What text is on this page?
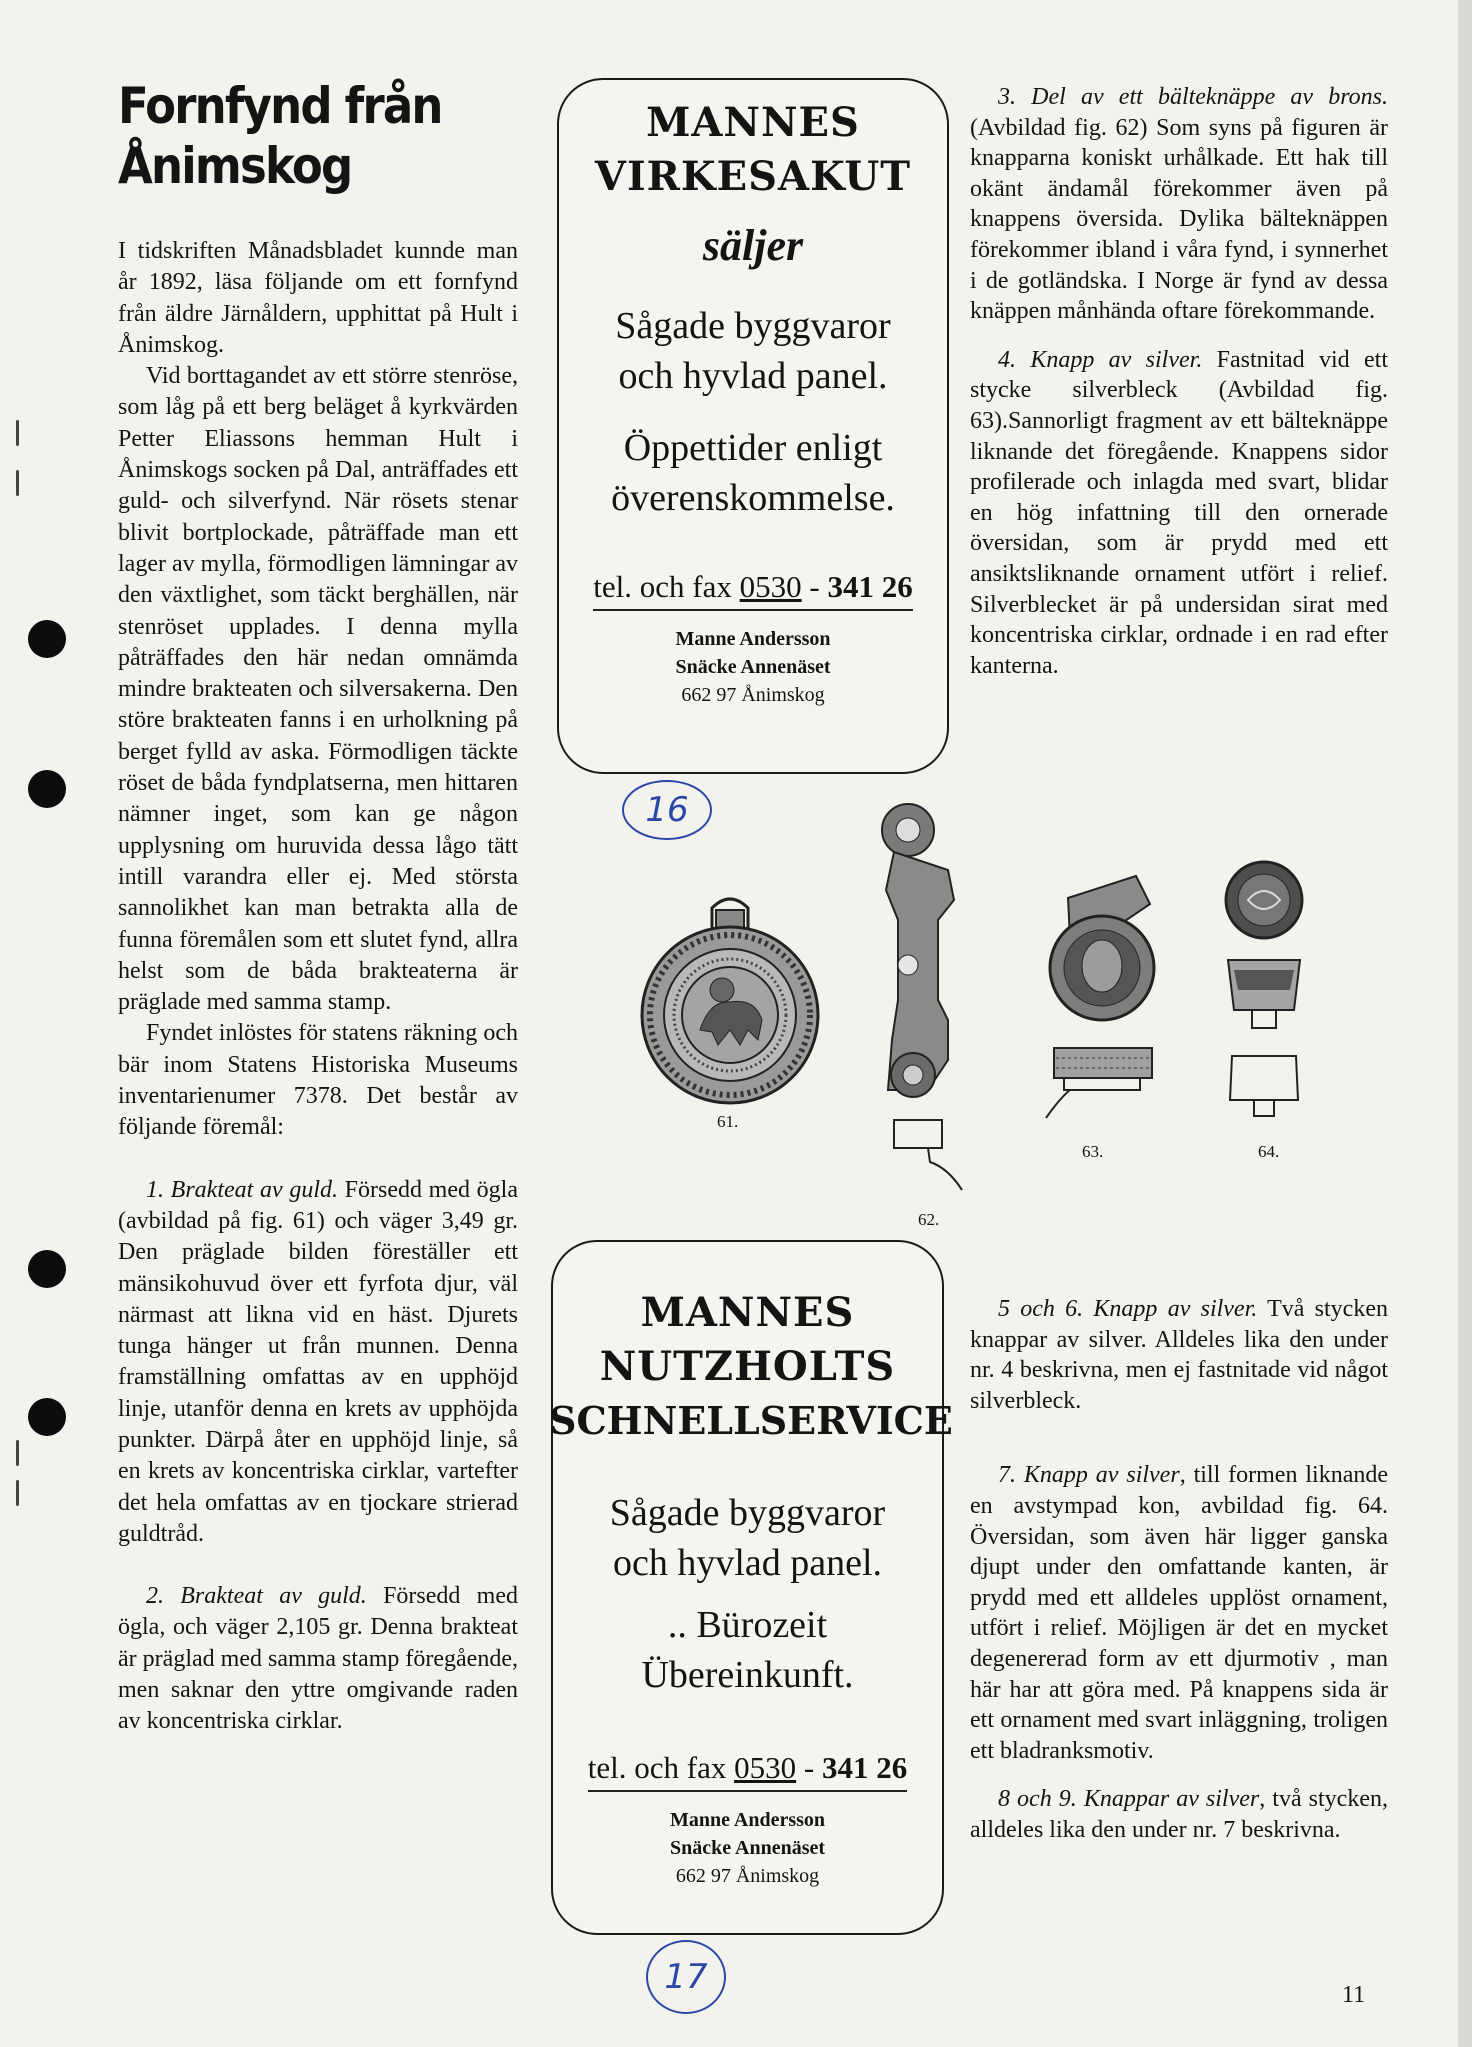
Fornfynd från
Ånimskog

I tidskriften Månadsbladet kunnde man år 1892, läsa följande om ett fornfynd från äldre Järnåldern, upphittat på Hult i Ånimskog.

Vid borttagandet av ett större stenröse, som låg på ett berg beläget å kyrkvärden Petter Eliassons hemman Hult i Ånimskogs socken på Dal, anträffades ett guld- och silverfynd. När rösets stenar blivit bortplockade, påträffade man ett lager av mylla, förmodligen lämningar av den växtlighet, som täckt berghällen, när stenröset upplades. I denna mylla påträffades den här nedan omnämda mindre brakteaten och silversakerna. Den störe brakteaten fanns i en urholkning på berget fylld av aska. Förmodligen täckte röset de båda fyndplatserna, men hittaren nämner inget, som kan ge någon upplysning om huruvida dessa lågo tätt intill varandra eller ej. Med största sannolikhet kan man betrakta alla de funna föremålen som ett slutet fynd, allra helst som de båda brakteaterna är präglade med samma stamp.

Fyndet inlöstes för statens räkning och bär inom Statens Historiska Museums inventarienumer 7378. Det består av följande föremål:

1. Brakteat av guld. Försedd med ögla (avbildad på fig. 61) och väger 3,49 gr. Den präglade bilden föreställer ett mänsikohuvud över ett fyrfota djur, väl närmast att likna vid en häst. Djurets tunga hänger ut från munnen. Denna framställning omfattas av en upphöjd linje, utanför denna en krets av upphöjda punkter. Därpå åter en upphöjd linje, så en krets av koncentriska cirklar, vartefter det hela omfattas av en tjockare strierad guldtråd.

2. Brakteat av guld. Försedd med ögla, och väger 2,105 gr. Denna brakteat är präglad med samma stamp föregående, men saknar den yttre omgivande raden av koncentriska cirklar.

3. Del av ett bälteknäppe av brons. (Avbildad fig. 62) Som syns på figuren är knapparna koniskt urhålkade. Ett hak till okänt ändamål förekommer även på knappens översida. Dylika bälteknäppen förekommer ibland i våra fynd, i synnerhet i de gotländska. I Norge är fynd av dessa knäppen månhända oftare förekommande.

4. Knapp av silver. Fastnitad vid ett stycke silverbleck (Avbildad fig. 63).Sannorligt fragment av ett bälteknäppe liknande det föregående. Knappens sidor profilerade och inlagda med svart, blidar en hög infattning till den ornerade översidan, som är prydd med ett ansiktsliknande ornament utfört i relief. Silverblecket är på undersidan sirat med koncentriska cirklar, ordnade i en rad efter kanterna.

5 och 6. Knapp av silver. Två stycken knappar av silver. Alldeles lika den under nr. 4 beskrivna, men ej fastnitade vid något silverbleck.

7. Knapp av silver, till formen liknande en avstympad kon, avbildad fig. 64. Översidan, som även här ligger ganska djupt under den omfattande kanten, är prydd med ett alldeles upplöst ornament, utfört i relief. Möjligen är det en mycket degenererad form av ett djurmotiv , man här har att göra med. På knappens sida är ett ornament med svart inläggning, troligen ett bladranksmotiv.

8 och 9. Knappar av silver, två stycken, alldeles lika den under nr. 7 beskrivna.

MANNES

VIRKESAKUT

säljer

Sågade byggvaror

och hyvlad panel.

Öppettider enligt

överenskommelse.

tel. och fax 0530 - 341 26

Manne Andersson
Snäcke Annenäset
662 97 Ånimskog

MANNES

NUTZHOLTS

SCHNELLSERVICE

Sågade byggvaror

och hyvlad panel.

.. Bürozeit

Übereinkunft.

tel. och fax 0530 - 341 26

Manne Andersson
Snäcke Annenäset
662 97 Ånimskog

16
17
61.
62.
63.	64.
11
